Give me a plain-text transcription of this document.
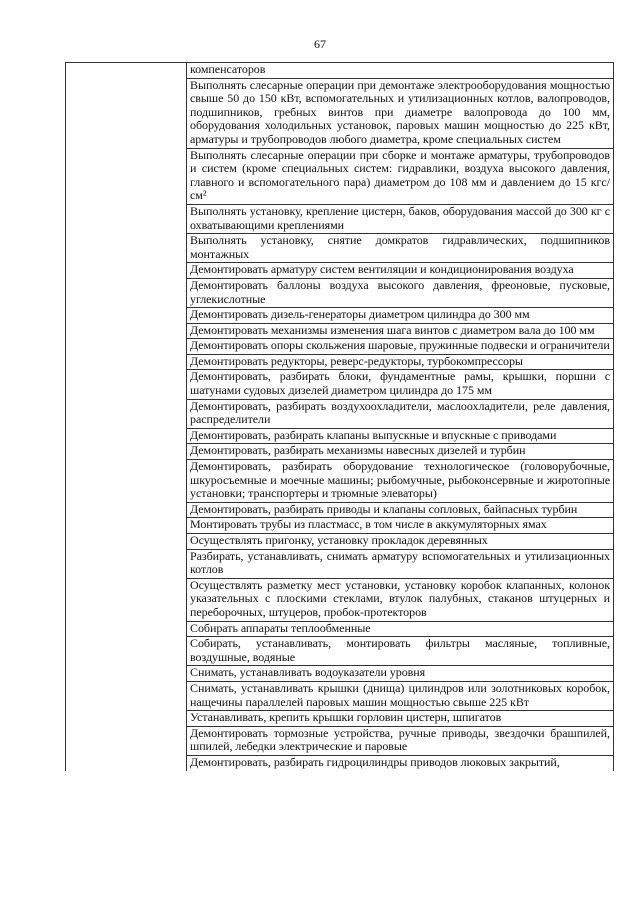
67
компенсаторов
Выполнять слесарные операции при демонтаже электрооборудования мощностью свыше 50 до 150 кВт, вспомогательных и утилизационных котлов, валопроводов, подшипников, гребных винтов при диаметре валопровода до 100 мм, оборудования холодильных установок, паровых машин мощностью до 225 кВт, арматуры и трубопроводов любого диаметра, кроме специальных систем
Выполнять слесарные операции при сборке и монтаже арматуры, трубопроводов и систем (кроме специальных систем: гидравлики, воздуха высокого давления, главного и вспомогательного пара) диаметром до 108 мм и давлением до 15 кгс/см²
Выполнять установку, крепление цистерн, баков, оборудования массой до 300 кг с охватывающими креплениями
Выполнять установку, снятие домкратов гидравлических, подшипников монтажных
Демонтировать арматуру систем вентиляции и кондиционирования воздуха
Демонтировать баллоны воздуха высокого давления, фреоновые, пусковые, углекислотные
Демонтировать дизель-генераторы диаметром цилиндра до 300 мм
Демонтировать механизмы изменения шага винтов с диаметром вала до 100 мм
Демонтировать опоры скольжения шаровые, пружинные подвески и ограничители
Демонтировать редукторы, реверс-редукторы, турбокомпрессоры
Демонтировать, разбирать блоки, фундаментные рамы, крышки, поршни с шатунами судовых дизелей диаметром цилиндра до 175 мм
Демонтировать, разбирать воздухоохладители, маслоохладители, реле давления, распределители
Демонтировать, разбирать клапаны выпускные и впускные с приводами
Демонтировать, разбирать механизмы навесных дизелей и турбин
Демонтировать, разбирать оборудование технологическое (головорубочные, шкуросъемные и моечные машины; рыбомучные, рыбоконсервные и жиротопные установки; транспортеры и трюмные элеваторы)
Демонтировать, разбирать приводы и клапаны сопловых, байпасных турбин
Монтировать трубы из пластмасс, в том числе в аккумуляторных ямах
Осуществлять пригонку, установку прокладок деревянных
Разбирать, устанавливать, снимать арматуру вспомогательных и утилизационных котлов
Осуществлять разметку мест установки, установку коробок клапанных, колонок указательных с плоскими стеклами, втулок палубных, стаканов штуцерных и переборочных, штуцеров, пробок-протекторов
Собирать аппараты теплообменные
Собирать, устанавливать, монтировать фильтры масляные, топливные, воздушные, водяные
Снимать, устанавливать водоуказатели уровня
Снимать, устанавливать крышки (днища) цилиндров или золотниковых коробок, нащечины параллелей паровых машин мощностью свыше 225 кВт
Устанавливать, крепить крышки горловин цистерн, шпигатов
Демонтировать тормозные устройства, ручные приводы, звездочки брашпилей, шпилей, лебедки электрические и паровые
Демонтировать, разбирать гидроцилиндры приводов люковых закрытий,
